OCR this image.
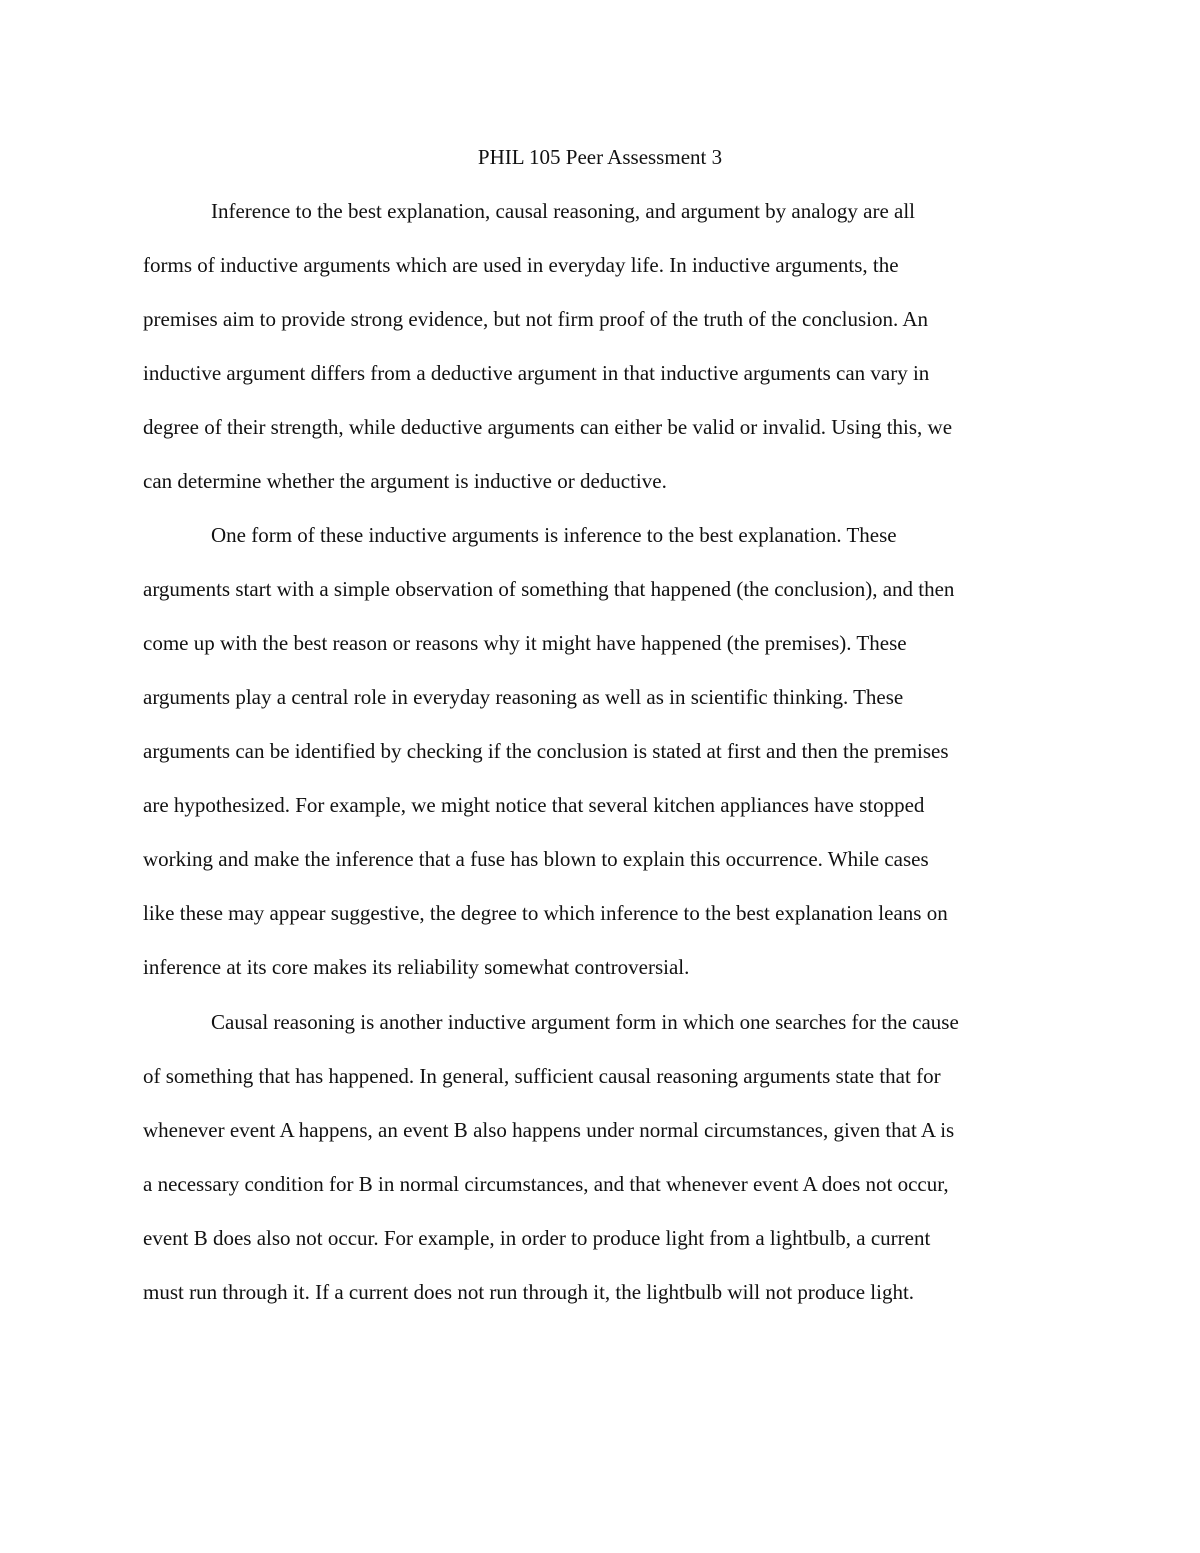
PHIL 105 Peer Assessment 3

Inference to the best explanation, causal reasoning, and argument by analogy are all

forms of inductive arguments which are used in everyday life. In inductive arguments, the

premises aim to provide strong evidence, but not firm proof of the truth of the conclusion. An

inductive argument differs from a deductive argument in that inductive arguments can vary in

degree of their strength, while deductive arguments can either be valid or invalid. Using this, we

can determine whether the argument is inductive or deductive.

One form of these inductive arguments is inference to the best explanation. These

arguments start with a simple observation of something that happened (the conclusion), and then

come up with the best reason or reasons why it might have happened (the premises). These

arguments play a central role in everyday reasoning as well as in scientific thinking. These

arguments can be identified by checking if the conclusion is stated at first and then the premises

are hypothesized. For example, we might notice that several kitchen appliances have stopped

working and make the inference that a fuse has blown to explain this occurrence. While cases

like these may appear suggestive, the degree to which inference to the best explanation leans on

inference at its core makes its reliability somewhat controversial.

Causal reasoning is another inductive argument form in which one searches for the cause

of something that has happened. In general, sufficient causal reasoning arguments state that for

whenever event A happens, an event B also happens under normal circumstances, given that A is

a necessary condition for B in normal circumstances, and that whenever event A does not occur,

event B does also not occur. For example, in order to produce light from a lightbulb, a current

must run through it. If a current does not run through it, the lightbulb will not produce light.
